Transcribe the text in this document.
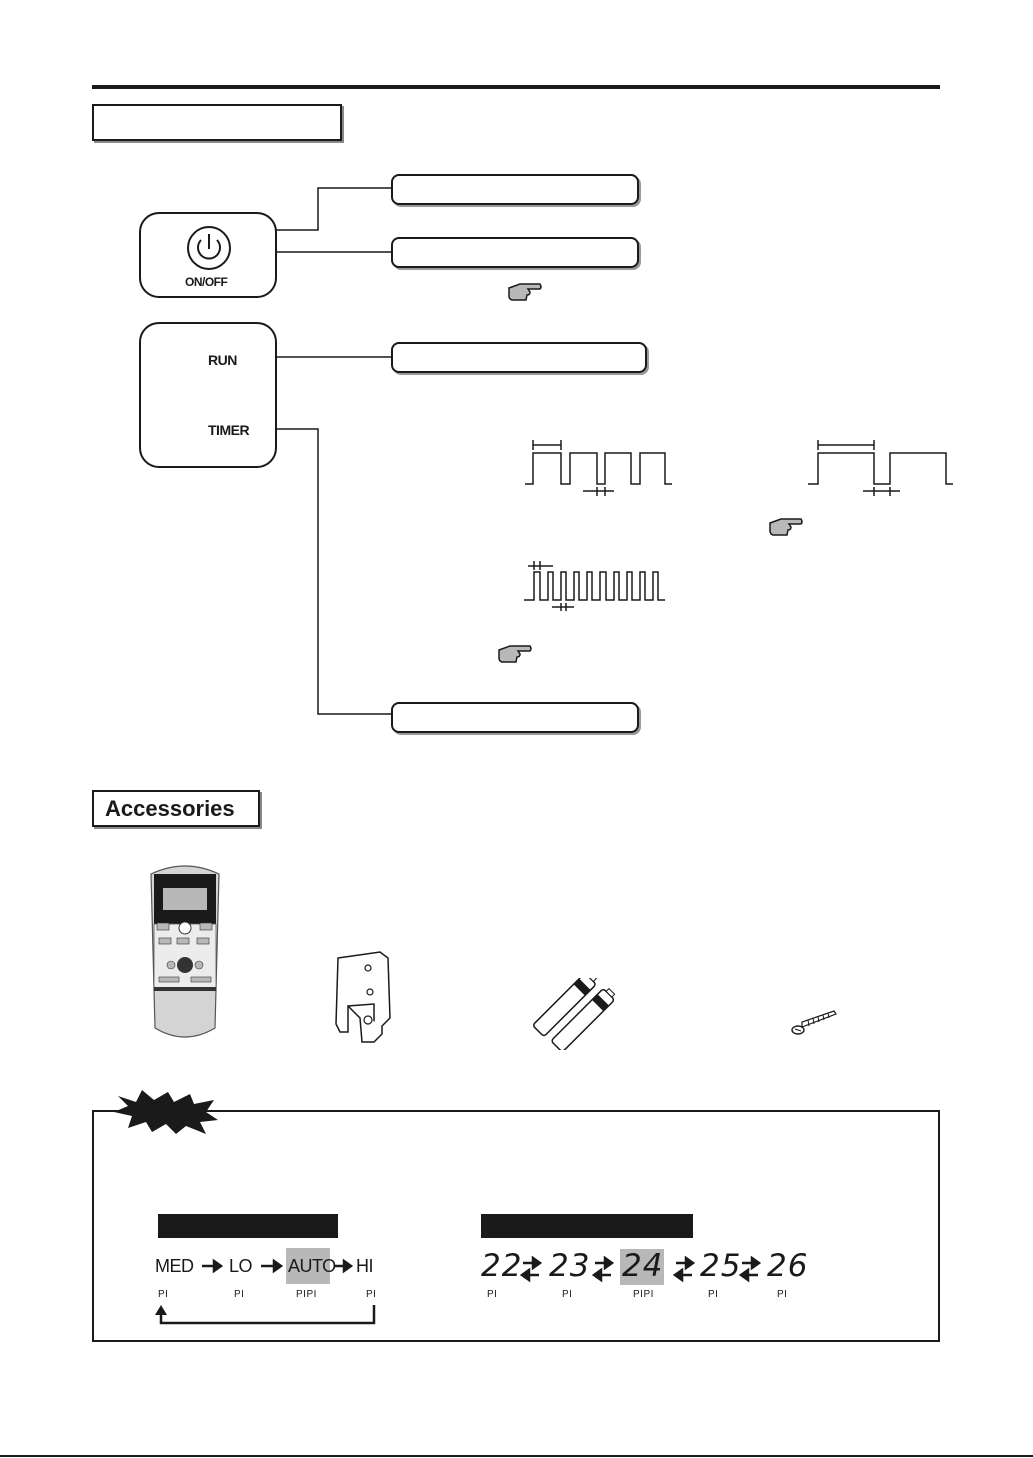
ON/OFF
RUN
TIMER
Accessories
MED LO AUTO HI
PI	PI	PIPI	PI
22 23 24 25 26
PI	PI	PIPI	PI	PI
